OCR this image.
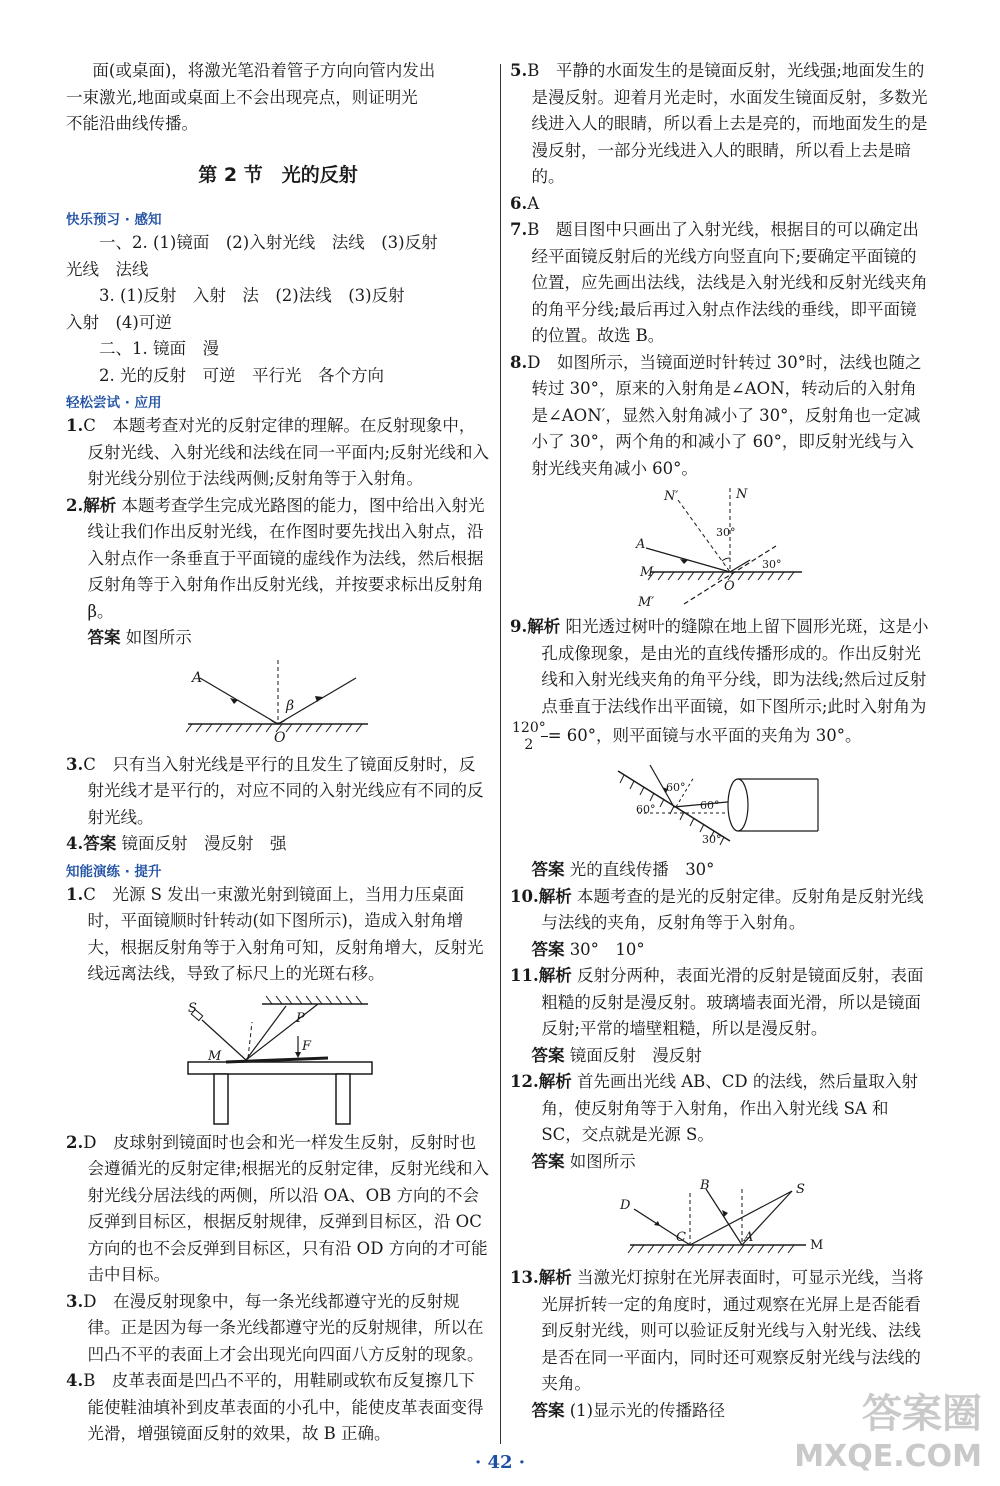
面(或桌面)，将激光笔沿着管子方向向管内发出

一束激光,地面或桌面上不会出现亮点，则证明光

不能沿曲线传播。

第 2 节　光的反射
快乐预习 · 感知

一、2. (1)镜面　(2)入射光线　法线　(3)反射

光线　法线

3. (1)反射　入射　法　(2)法线　(3)反射

入射　(4)可逆

二、1. 镜面　漫

2. 光的反射　可逆　平行光　各个方向

轻松尝试 · 应用

1.C　本题考查对光的反射定律的理解。在反射现象中，反射光线、入射光线和法线在同一平面内;反射光线和入射光线分别位于法线两侧;反射角等于入射角。

2.解析 本题考查学生完成光路图的能力，图中给出入射光线让我们作出反射光线，在作图时要先找出入射点，沿入射点作一条垂直于平面镜的虚线作为法线，然后根据反射角等于入射角作出反射光线，并按要求标出反射角 β。

答案 如图所示

A
O
β

3.C　只有当入射光线是平行的且发生了镜面反射时，反射光线才是平行的，对应不同的入射光线应有不同的反射光线。

4.答案 镜面反射　漫反射　强

知能演练 · 提升

1.C　光源 S 发出一束激光射到镜面上，当用力压桌面时，平面镜顺时针转动(如下图所示)，造成入射角增大，根据反射角等于入射角可知，反射角增大，反射光线远离法线，导致了标尺上的光斑右移。

S
P
M
F

2.D　皮球射到镜面时也会和光一样发生反射，反射时也会遵循光的反射定律;根据光的反射定律，反射光线和入射光线分居法线的两侧，所以沿 OA、OB 方向的不会反弹到目标区，根据反射规律，反弹到目标区，沿 OC 方向的也不会反弹到目标区，只有沿 OD 方向的才可能击中目标。

3.D　在漫反射现象中，每一条光线都遵守光的反射规律。正是因为每一条光线都遵守光的反射规律，所以在凹凸不平的表面上才会出现光向四面八方反射的现象。

4.B　皮革表面是凹凸不平的，用鞋刷或软布反复擦几下能使鞋油填补到皮革表面的小孔中，能使皮革表面变得光滑，增强镜面反射的效果，故 B 正确。

5.B　平静的水面发生的是镜面反射，光线强;地面发生的是漫反射。迎着月光走时，水面发生镜面反射，多数光线进入人的眼睛，所以看上去是亮的，而地面发生的是漫反射，一部分光线进入人的眼睛，所以看上去是暗的。

6.A

7.B　题目图中只画出了入射光线，根据目的可以确定出经平面镜反射后的光线方向竖直向下;要确定平面镜的位置，应先画出法线，法线是入射光线和反射光线夹角的角平分线;最后再过入射点作法线的垂线，即平面镜的位置。故选 B。

8.D　如图所示，当镜面逆时针转过 30°时，法线也随之转过 30°，原来的入射角是∠AON，转动后的入射角是∠AON′，显然入射角减小了 30°，反射角也一定减小了 30°，两个角的和减小了 60°，即反射光线与入射光线夹角减小 60°。

N′	N
A
M
O
M′
30°
30°

9.解析 阳光透过树叶的缝隙在地上留下圆形光斑，这是小孔成像现象，是由光的直线传播形成的。作出反射光线和入射光线夹角的角平分线，即为法线;然后过反射点垂直于法线作出平面镜，如下图所示;此时入射角为
$\frac{120^\circ}{2} = 60^\circ$，则平面镜与水平面的夹角为 30°。

60°
60°	60°
30°

答案 光的直线传播　30°

10.解析 本题考查的是光的反射定律。反射角是反射光线与法线的夹角，反射角等于入射角。

答案 30°　10°

11.解析 反射分两种，表面光滑的反射是镜面反射，表面粗糙的反射是漫反射。玻璃墙表面光滑，所以是镜面反射;平常的墙壁粗糙，所以是漫反射。

答案 镜面反射　漫反射

12.解析 首先画出光线 AB、CD 的法线，然后量取入射角，使反射角等于入射角，作出入射光线 SA 和 SC，交点就是光源 S。

答案 如图所示

B
D
S
C	A
M

13.解析 当激光灯掠射在光屏表面时，可显示光线，当将光屏折转一定的角度时，通过观察在光屏上是否能看到反射光线，则可以验证反射光线与入射光线、法线是否在同一平面内，同时还可观察反射光线与法线的夹角。

答案 (1)显示光的传播路径

· 42 ·
答案圈
MXQE.COM
